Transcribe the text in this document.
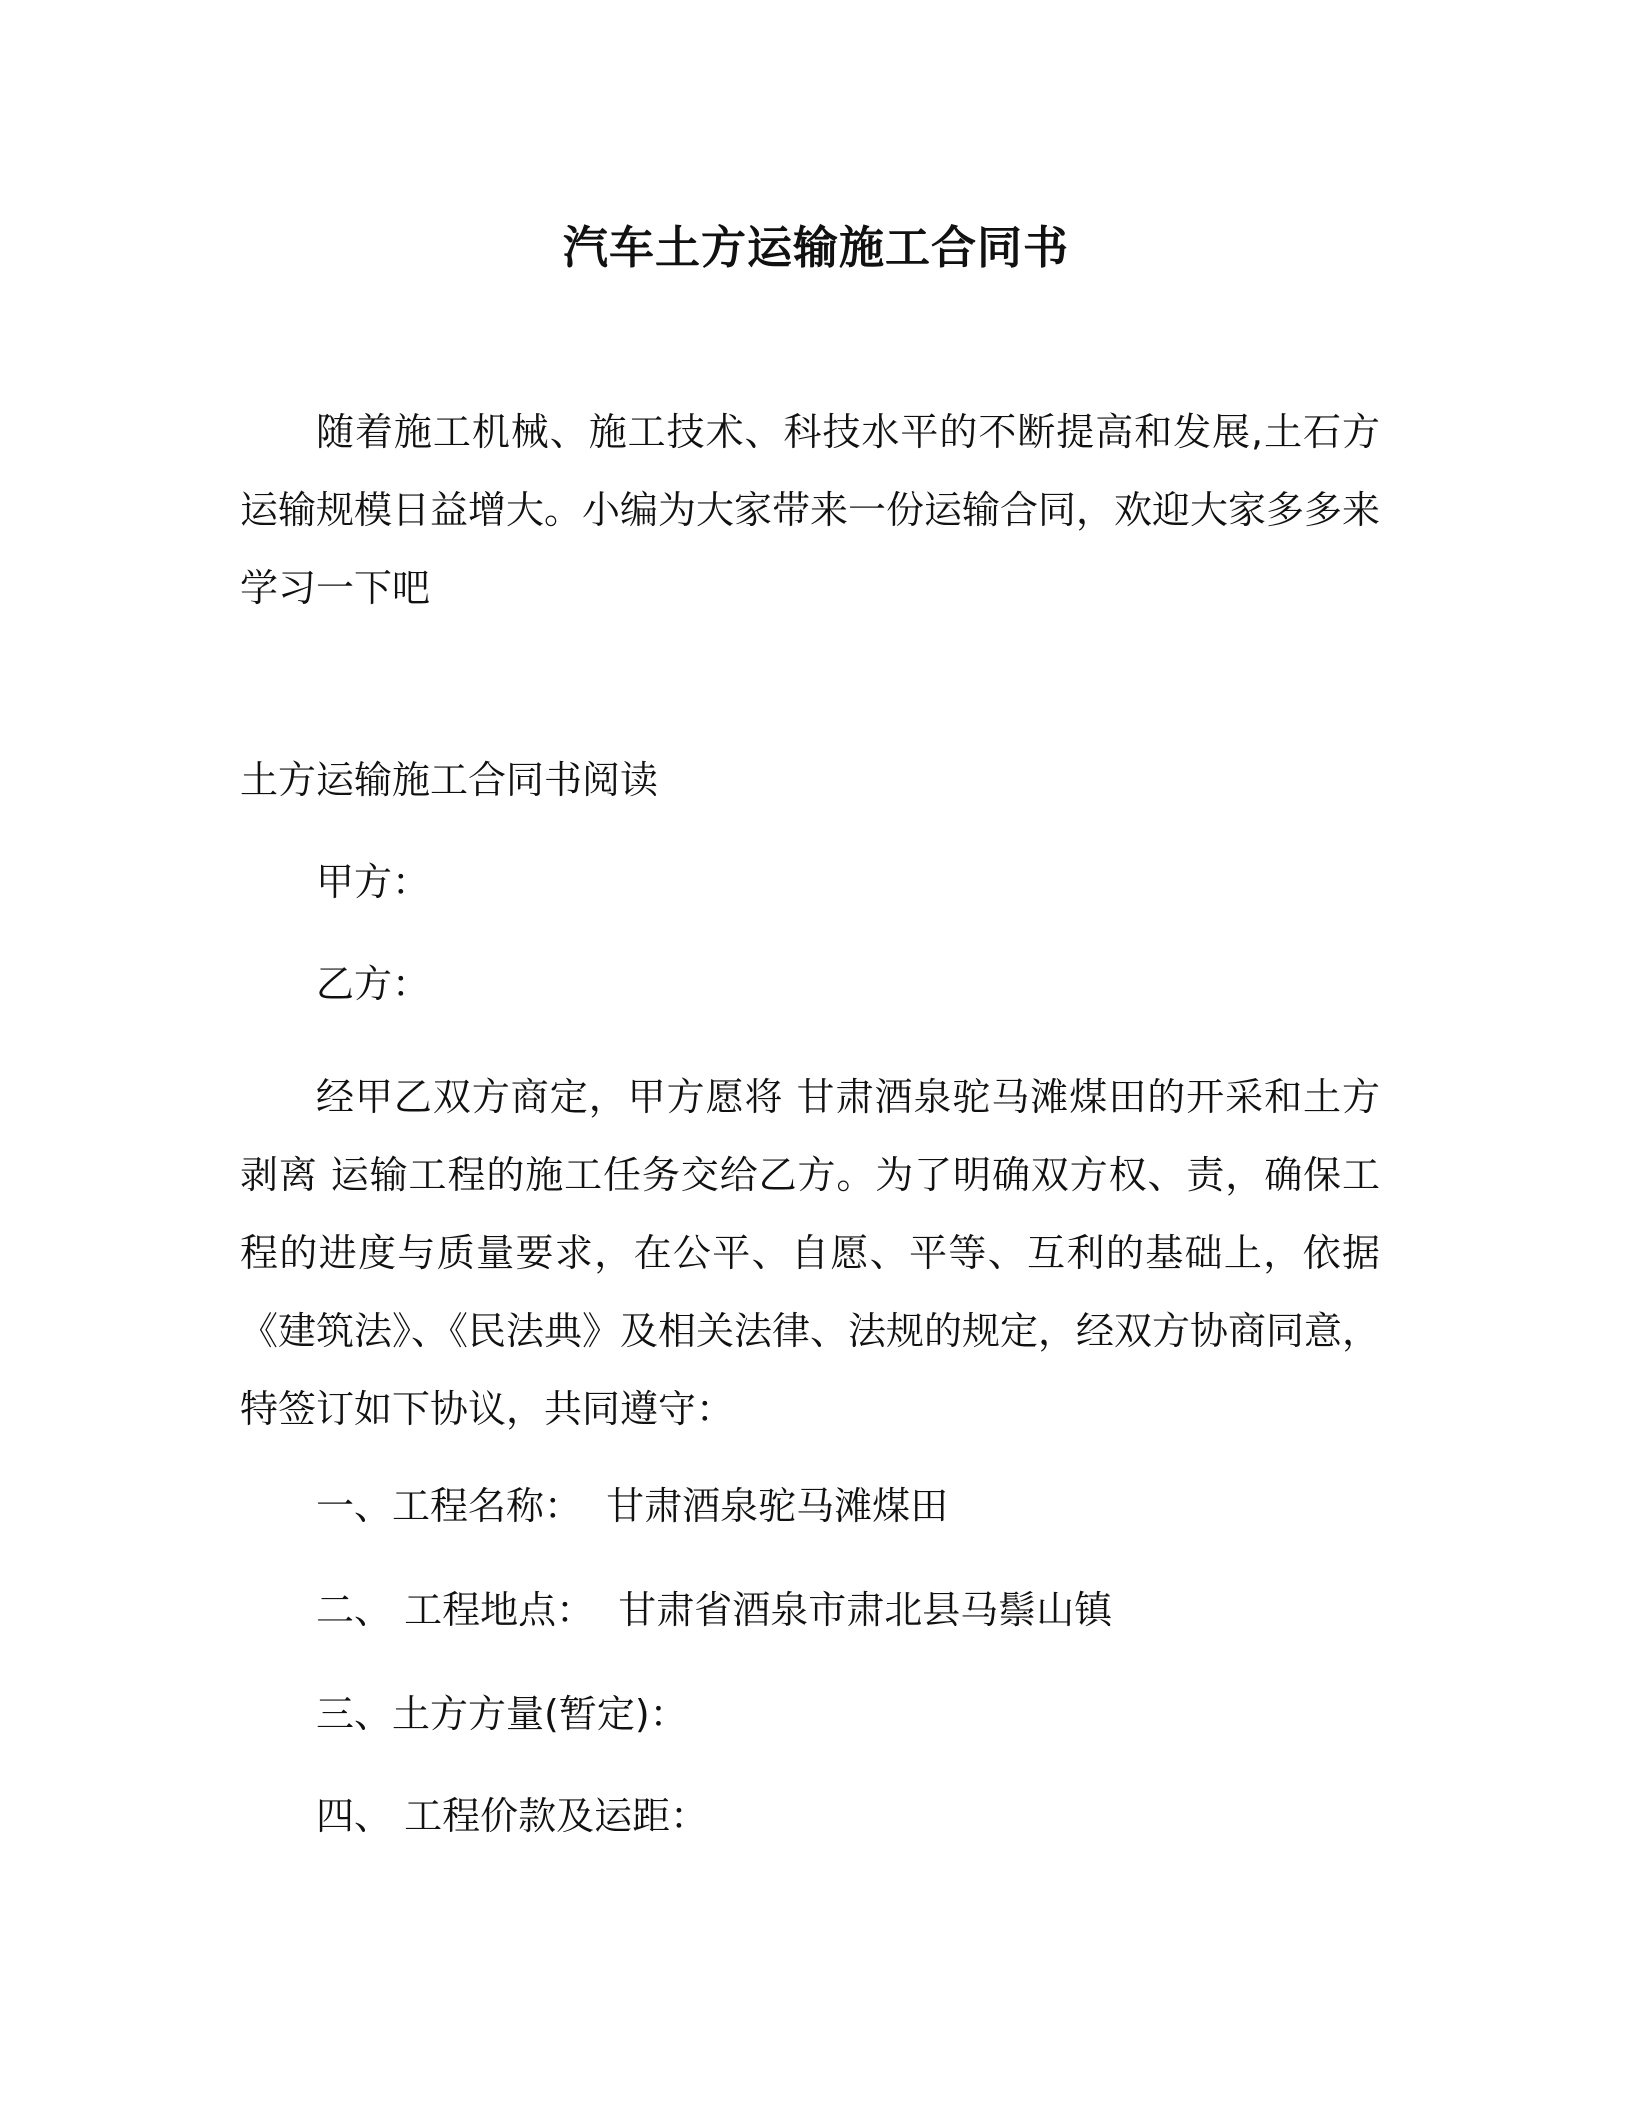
汽车土方运输施工合同书
随着施工机械、施工技术、科技水平的不断提高和发展,土石方运输规模日益增大。小编为大家带来一份运输合同，欢迎大家多多来学习一下吧
土方运输施工合同书阅读
甲方：
乙方：
经甲乙双方商定，甲方愿将 甘肃酒泉驼马滩煤田的开采和土方剥离 运输工程的施工任务交给乙方。为了明确双方权、责，确保工程的进度与质量要求，在公平、自愿、平等、互利的基础上，依据《建筑法》、《民法典》及相关法律、法规的规定，经双方协商同意，特签订如下协议，共同遵守：
一、工程名称：  甘肃酒泉驼马滩煤田
二、 工程地点：  甘肃省酒泉市肃北县马鬃山镇
三、土方方量(暂定)：
四、 工程价款及运距：
